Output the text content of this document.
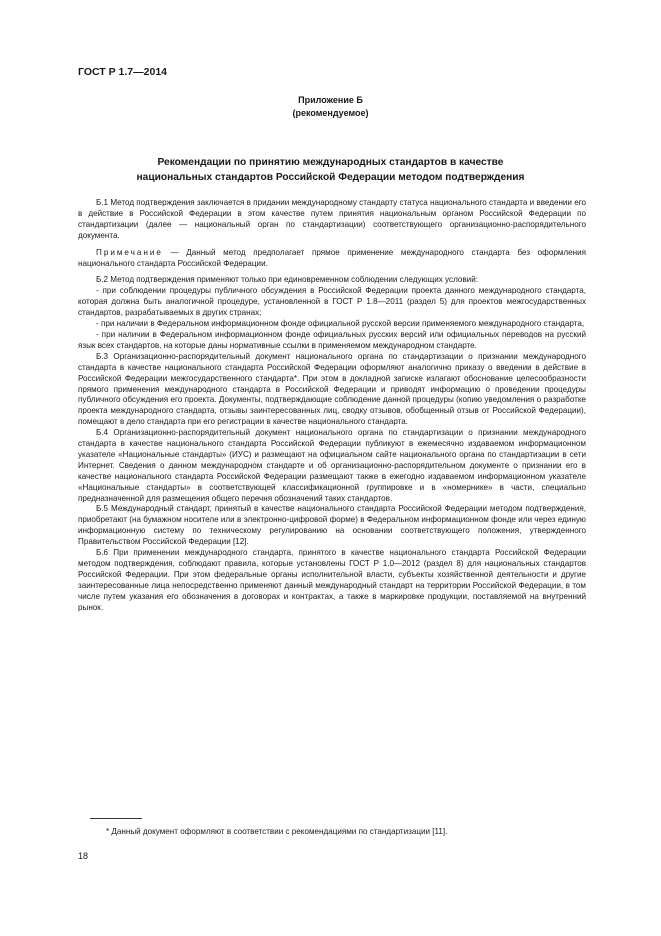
ГОСТ Р 1.7—2014
Приложение Б
(рекомендуемое)
Рекомендации по принятию международных стандартов в качестве
национальных стандартов Российской Федерации методом подтверждения

Б.1 Метод подтверждения заключается в придании международному стандарту статуса национального стандарта и введении его в действие в Российской Федерации в этом качестве путем принятия национальным органом Российской Федерации по стандартизации (далее — национальный орган по стандартизации) соответствующего организационно-распорядительного документа.

Примечание — Данный метод предполагает прямое применение международного стандарта без оформления национального стандарта Российской Федерации.

Б.2 Метод подтверждения применяют только при единовременном соблюдении следующих условий:

- при соблюдении процедуры публичного обсуждения в Российской Федерации проекта данного международного стандарта, которая должна быть аналогичной процедуре, установленной в ГОСТ Р 1.8—2011 (раздел 5) для проектов межгосударственных стандартов, разрабатываемых в других странах;

- при наличии в Федеральном информационном фонде официальной русской версии применяемого международного стандарта,

- при наличии в Федеральном информационном фонде официальных русских версий или официальных переводов на русский язык всех стандартов, на которые даны нормативные ссылки в применяемом международном стандарте.

Б.3 Организационно-распорядительный документ национального органа по стандартизации о признании международного стандарта в качестве национального стандарта Российской Федерации оформляют аналогично приказу о введении в действие в Российской Федерации межгосударственного стандарта*. При этом в докладной записке излагают обоснование целесообразности прямого применения международного стандарта в Российской Федерации и приводят информацию о проведении процедуры публичного обсуждения его проекта. Документы, подтверждающие соблюдение данной процедуры (копию уведомления о разработке проекта международного стандарта, отзывы заинтересованных лиц, сводку отзывов, обобщенный отзыв от Российской Федерации), помещают в дело стандарта при его регистрации в качестве национального стандарта.

Б.4 Организационно-распорядительный документ национального органа по стандартизации о признании международного стандарта в качестве национального стандарта Российской Федерации публикуют в ежемесячно издаваемом информационном указателе «Национальные стандарты» (ИУС) и размещают на официальном сайте национального органа по стандартизации в сети Интернет. Сведения о данном международном стандарте и об организационно-распорядительном документе о признании его в качестве национального стандарта Российской Федерации размещают также в ежегодно издаваемом информационном указателе «Национальные стандарты» в соответствующей классификационной группировке и в «номернике» в части, специально предназначенной для размещения общего перечня обозначений таких стандартов.

Б.5 Международный стандарт, принятый в качестве национального стандарта Российской Федерации методом подтверждения, приобретают (на бумажном носителе или в электронно-цифровой форме) в Федеральном информационном фонде или через единую информационную систему по техническому регулированию на основании соответствующего положения, утвержденного Правительством Российской Федерации [12].

Б.6 При применении международного стандарта, принятого в качестве национального стандарта Российской Федерации методом подтверждения, соблюдают правила, которые установлены ГОСТ Р 1.0—2012 (раздел 8) для национальных стандартов Российской Федерации. При этом федеральные органы исполнительной власти, субъекты хозяйственной деятельности и другие заинтересованные лица непосредственно применяют данный международный стандарт на территории Российской Федерации, в том числе путем указания его обозначения в договорах и контрактах, а также в маркировке продукции, поставляемой на внутренний рынок.

* Данный документ оформляют в соответствии с рекомендациями по стандартизации [11].
18
